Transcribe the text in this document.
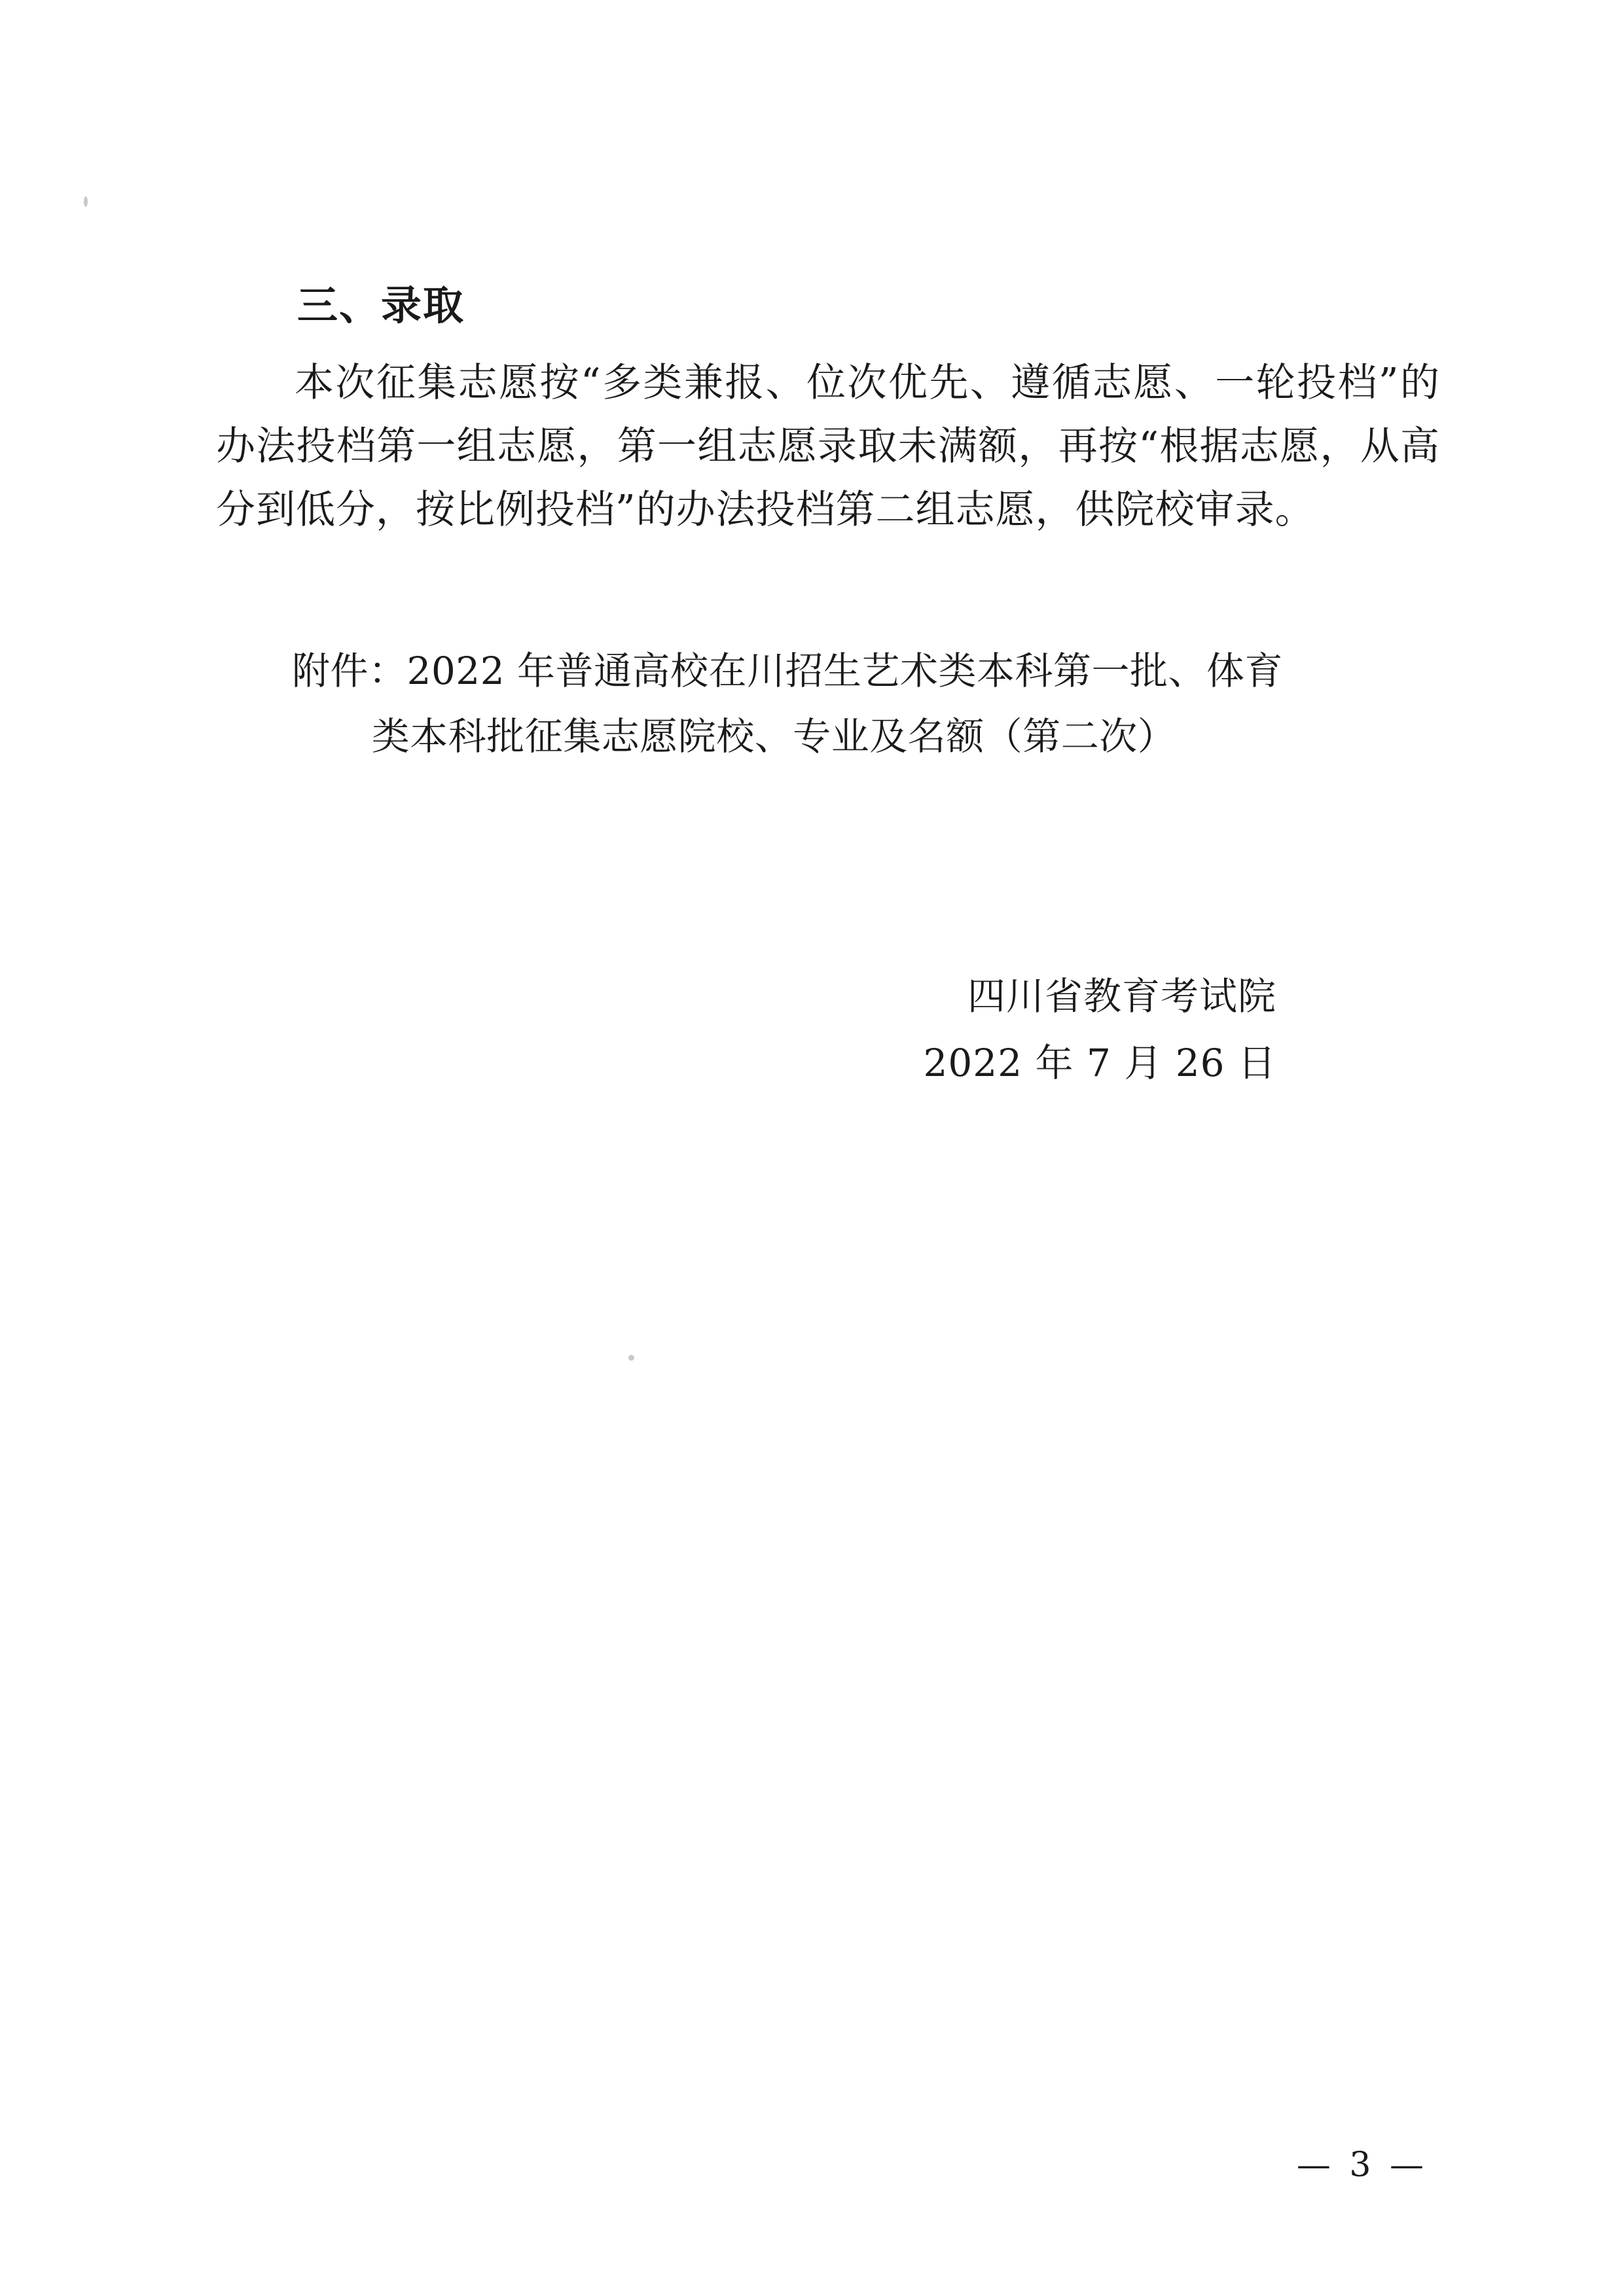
三、录取

本次征集志愿按“多类兼报、位次优先、遵循志愿、一轮投档”的办法投档第一组志愿，第一组志愿录取未满额，再按“根据志愿，从高分到低分，按比例投档”的办法投档第二组志愿，供院校审录。

附件：2022 年普通高校在川招生艺术类本科第一批、体育
类本科批征集志愿院校、专业及名额（第二次）
四川省教育考试院
2022 年 7 月 26 日
— 3 —
